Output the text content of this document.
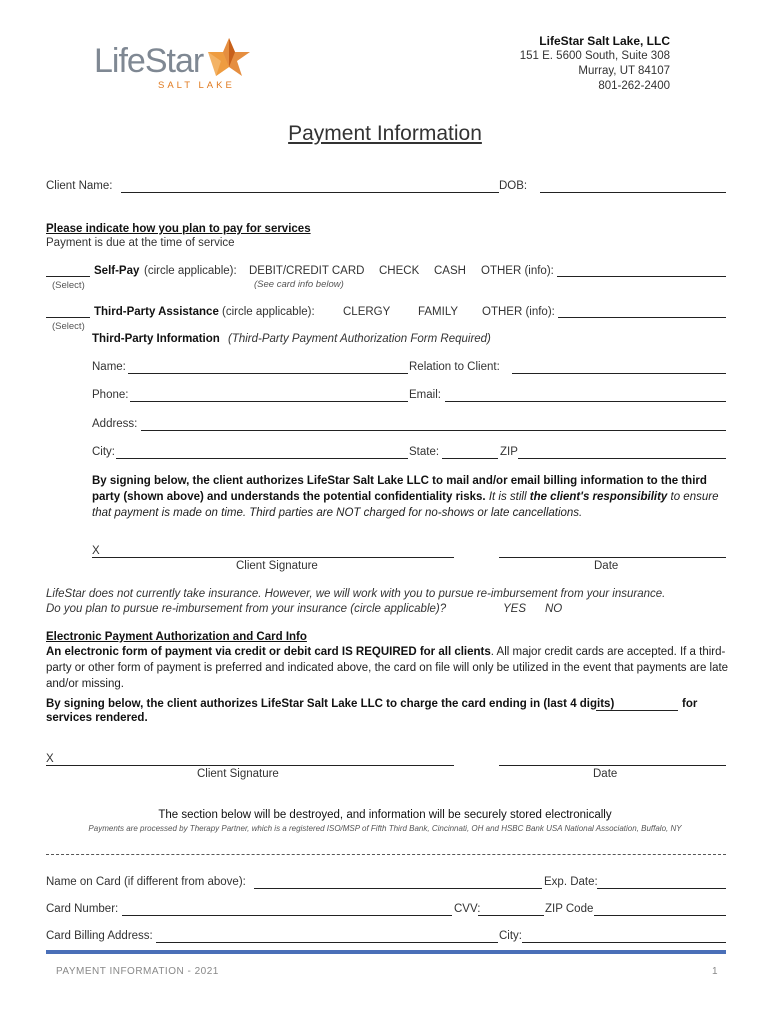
LifeStar
SALT LAKE
LifeStar Salt Lake, LLC
151 E. 5600 South, Suite 308
Murray, UT 84107
801-262-2400
Payment Information
Client Name:	DOB:
Please indicate how you plan to pay for services
Payment is due at the time of service
Self-Pay (circle applicable): DEBIT/CREDIT CARD CHECK CASH OTHER (info):
(Select)	(See card info below)
Third-Party Assistance (circle applicable): CLERGY FAMILY OTHER (info):
(Select)
Third-Party Information (Third-Party Payment Authorization Form Required)
Name:	Relation to Client:
Phone:	Email:
Address:
City:	State:	ZIP
By signing below, the client authorizes LifeStar Salt Lake LLC to mail and/or email billing information to the third party (shown above) and understands the potential confidentiality risks. It is still the client's responsibility to ensure that payment is made on time. Third parties are NOT charged for no-shows or late cancellations.
X
Client Signature	Date
LifeStar does not currently take insurance. However, we will work with you to pursue re-imbursement from your insurance.
Do you plan to pursue re-imbursement from your insurance (circle applicable)?	YES NO
Electronic Payment Authorization and Card Info
An electronic form of payment via credit or debit card IS REQUIRED for all clients. All major credit cards are accepted. If a third-party or other form of payment is preferred and indicated above, the card on file will only be utilized in the event that payments are late and/or missing.
By signing below, the client authorizes LifeStar Salt Lake LLC to charge the card ending in (last 4 digits)	for
services rendered.
X
Client Signature	Date
The section below will be destroyed, and information will be securely stored electronically
Payments are processed by Therapy Partner, which is a registered ISO/MSP of Fifth Third Bank, Cincinnati, OH and HSBC Bank USA National Association, Buffalo, NY
Name on Card (if different from above):	Exp. Date:
Card Number:	CVV:	ZIP Code
Card Billing Address:	City:
PAYMENT INFORMATION - 2021	1
